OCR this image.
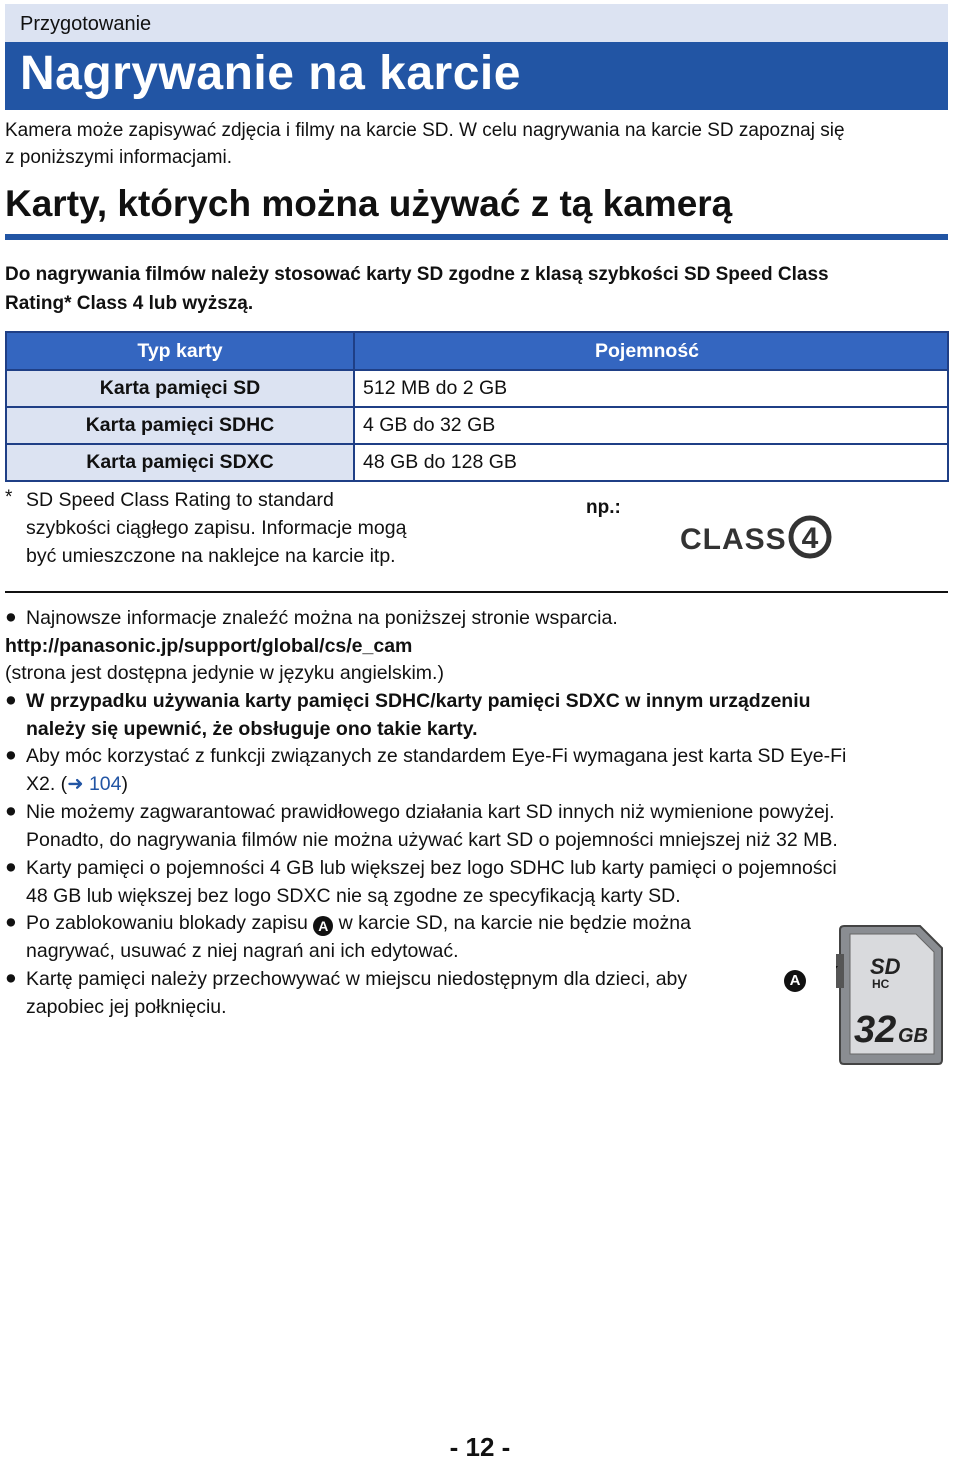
Przygotowanie
Nagrywanie na karcie
Kamera może zapisywać zdjęcia i filmy na karcie SD. W celu nagrywania na karcie SD zapoznaj się
z poniższymi informacjami.
Karty, których można używać z tą kamerą
Do nagrywania filmów należy stosować karty SD zgodne z klasą szybkości SD Speed Class
Rating* Class 4 lub wyższą.
Typ karty	Pojemność
Karta pamięci SD	512 MB do 2 GB
Karta pamięci SDHC	4 GB do 32 GB
Karta pamięci SDXC	48 GB do 128 GB
* SD Speed Class Rating to standard
szybkości ciągłego zapisu. Informacje mogą
być umieszczone na naklejce na karcie itp.
np.:
CLASS 4
● Najnowsze informacje znaleźć można na poniższej stronie wsparcia.
http://panasonic.jp/support/global/cs/e_cam
(strona jest dostępna jedynie w języku angielskim.)
● W przypadku używania karty pamięci SDHC/karty pamięci SDXC w innym urządzeniu
należy się upewnić, że obsługuje ono takie karty.
● Aby móc korzystać z funkcji związanych ze standardem Eye-Fi wymagana jest karta SD Eye-Fi
X2. (➜ 104)
● Nie możemy zagwarantować prawidłowego działania kart SD innych niż wymienione powyżej.
Ponadto, do nagrywania filmów nie można używać kart SD o pojemności mniejszej niż 32 MB.
● Karty pamięci o pojemności 4 GB lub większej bez logo SDHC lub karty pamięci o pojemności
48 GB lub większej bez logo SDXC nie są zgodne ze specyfikacją karty SD.
● Po zablokowaniu blokady zapisu A w karcie SD, na karcie nie będzie można
nagrywać, usuwać z niej nagrań ani ich edytować.
● Kartę pamięci należy przechowywać w miejscu niedostępnym dla dzieci, aby
zapobiec jej połknięciu.
A
SD
HC
32 GB
- 12 -
